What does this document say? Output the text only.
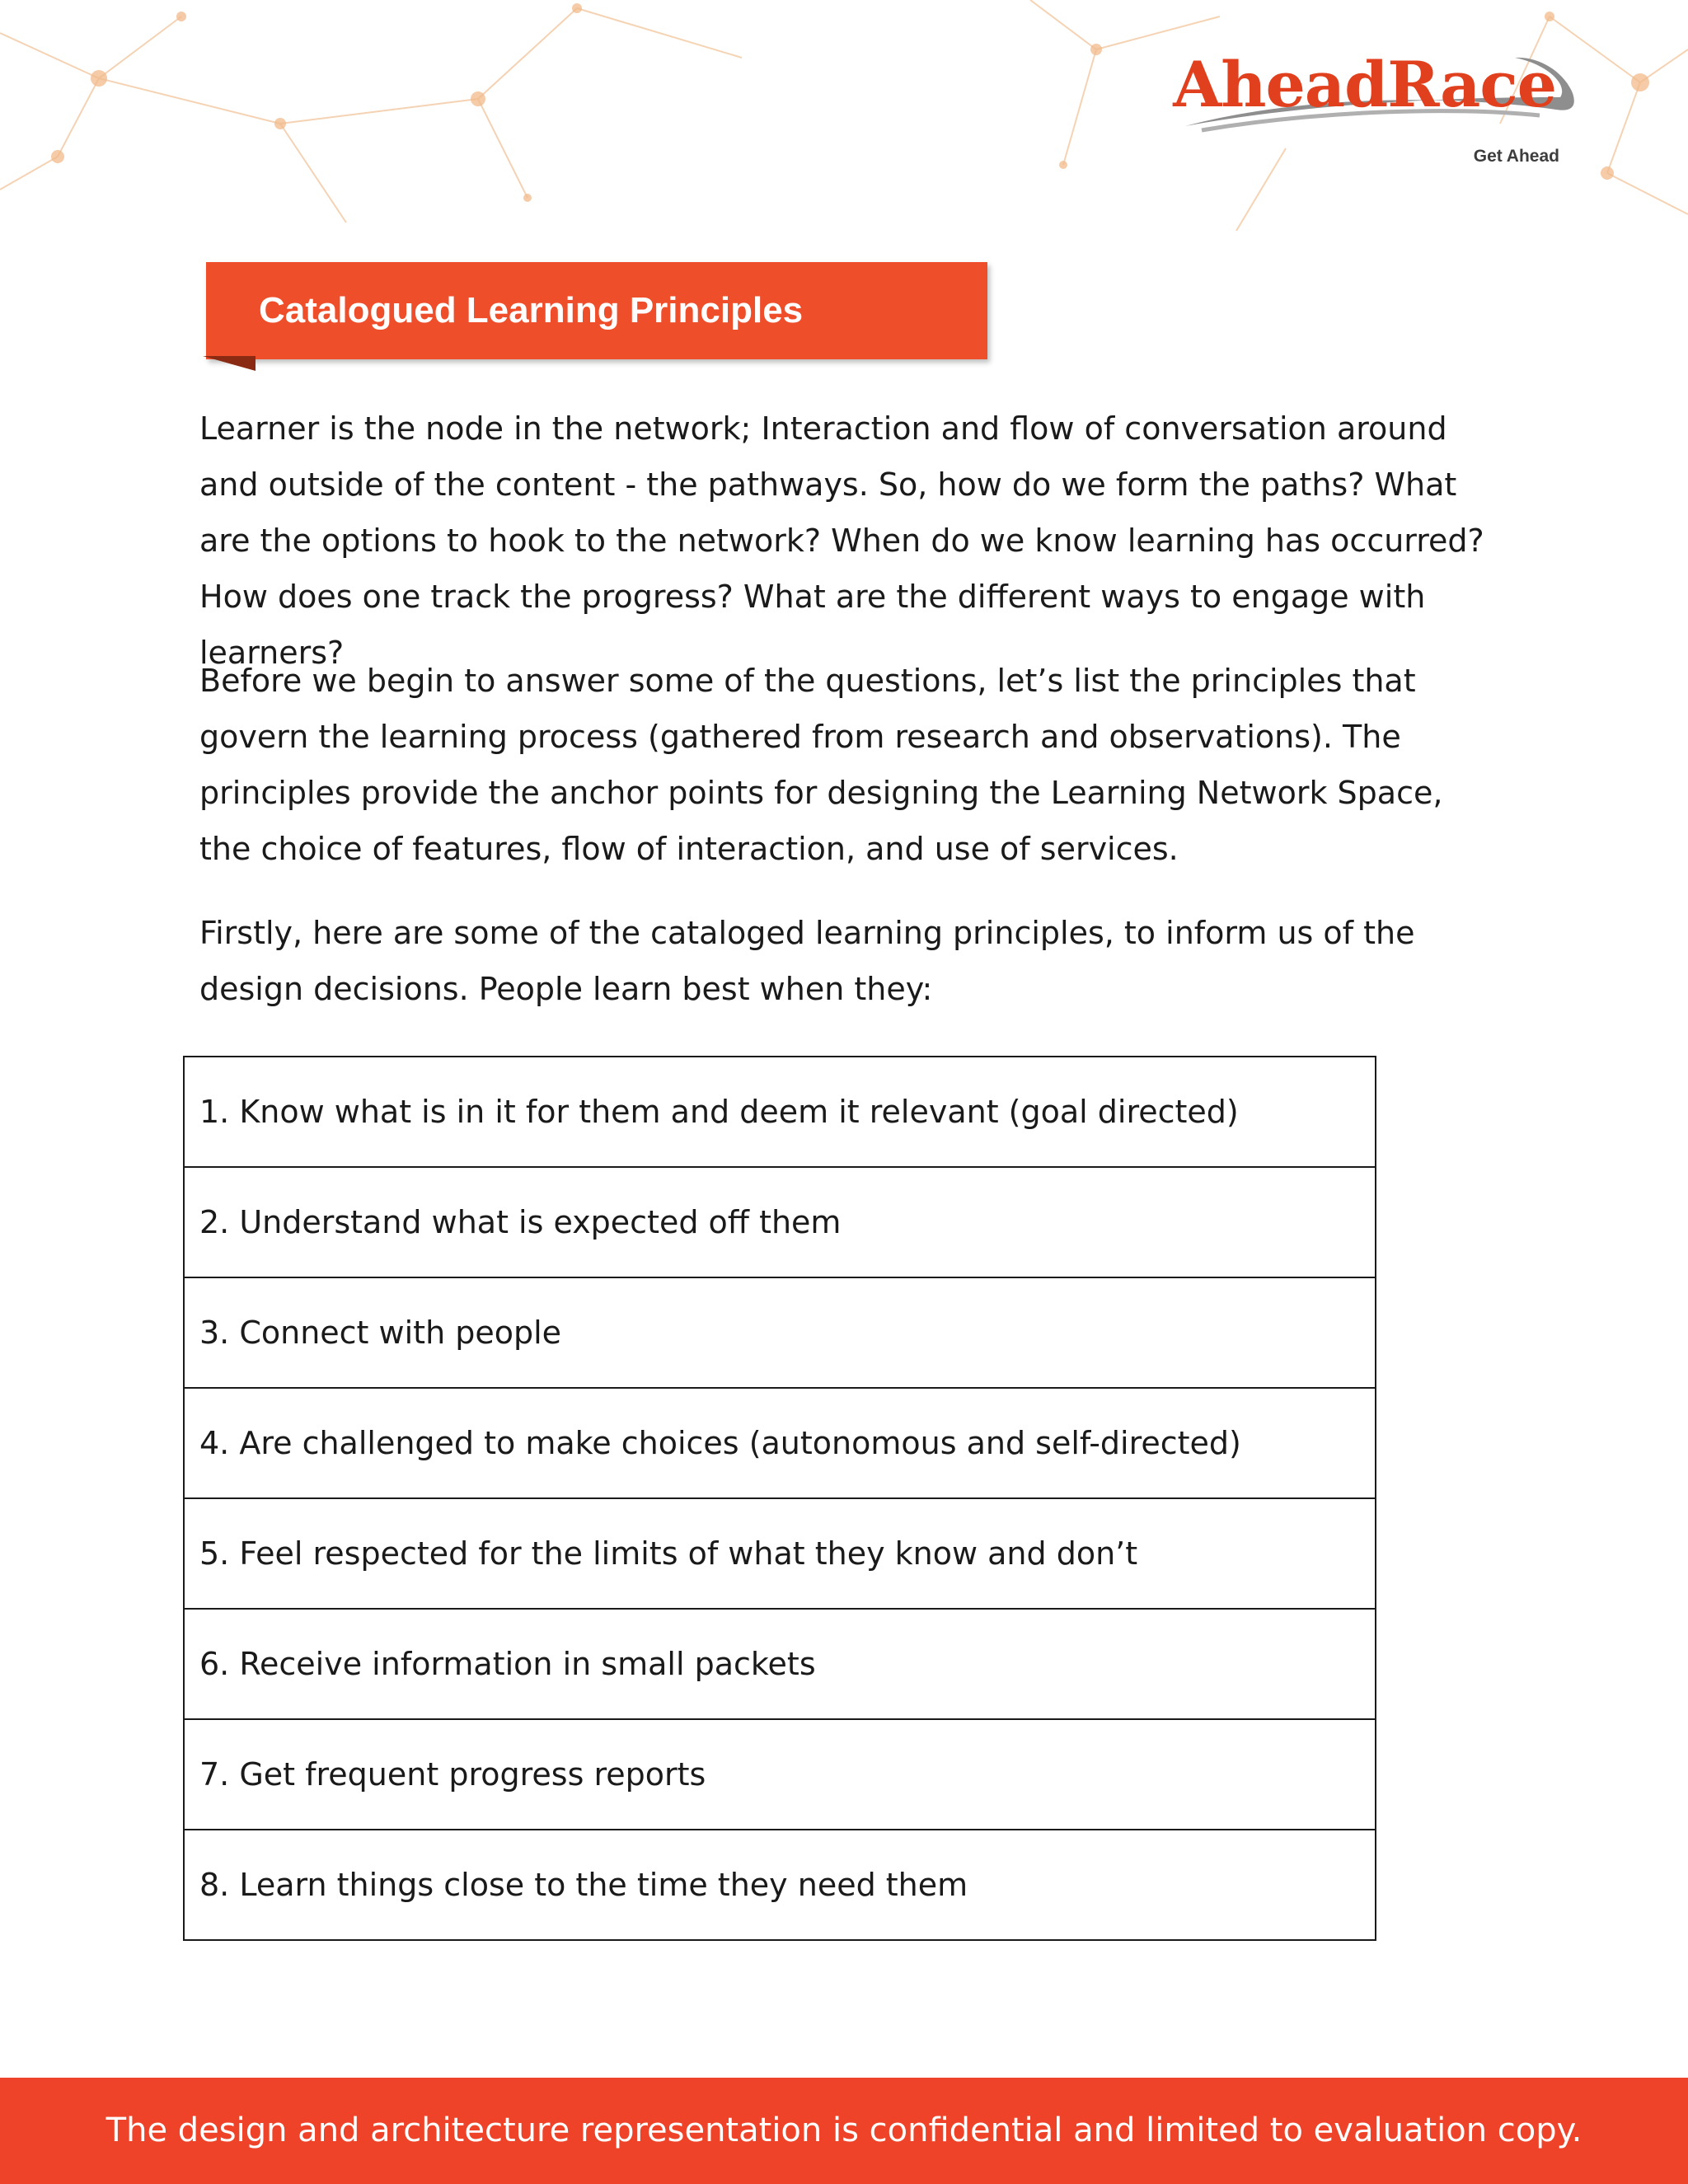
AheadRace
Get Ahead
Catalogued Learning Principles

Learner is the node in the network; Interaction and flow of conversation around and outside of the content - the pathways. So, how do we form the paths? What are the options to hook to the network? When do we know learning has occurred? How does one track the progress? What are the different ways to engage with learners?

Before we begin to answer some of the questions, let’s list the principles that govern the learning process (gathered from research and observations). The principles provide the anchor points for designing the Learning Network Space, the choice of features, flow of interaction, and use of services.

Firstly, here are some of the cataloged learning principles, to inform us of the design decisions. People learn best when they:

1. Know what is in it for them and deem it relevant (goal directed)
2. Understand what is expected off them
3. Connect with people
4. Are challenged to make choices (autonomous and self-directed)
5. Feel respected for the limits of what they know and don’t
6. Receive information in small packets
7. Get frequent progress reports
8. Learn things close to the time they need them
The design and architecture representation is confidential and limited to evaluation copy.
